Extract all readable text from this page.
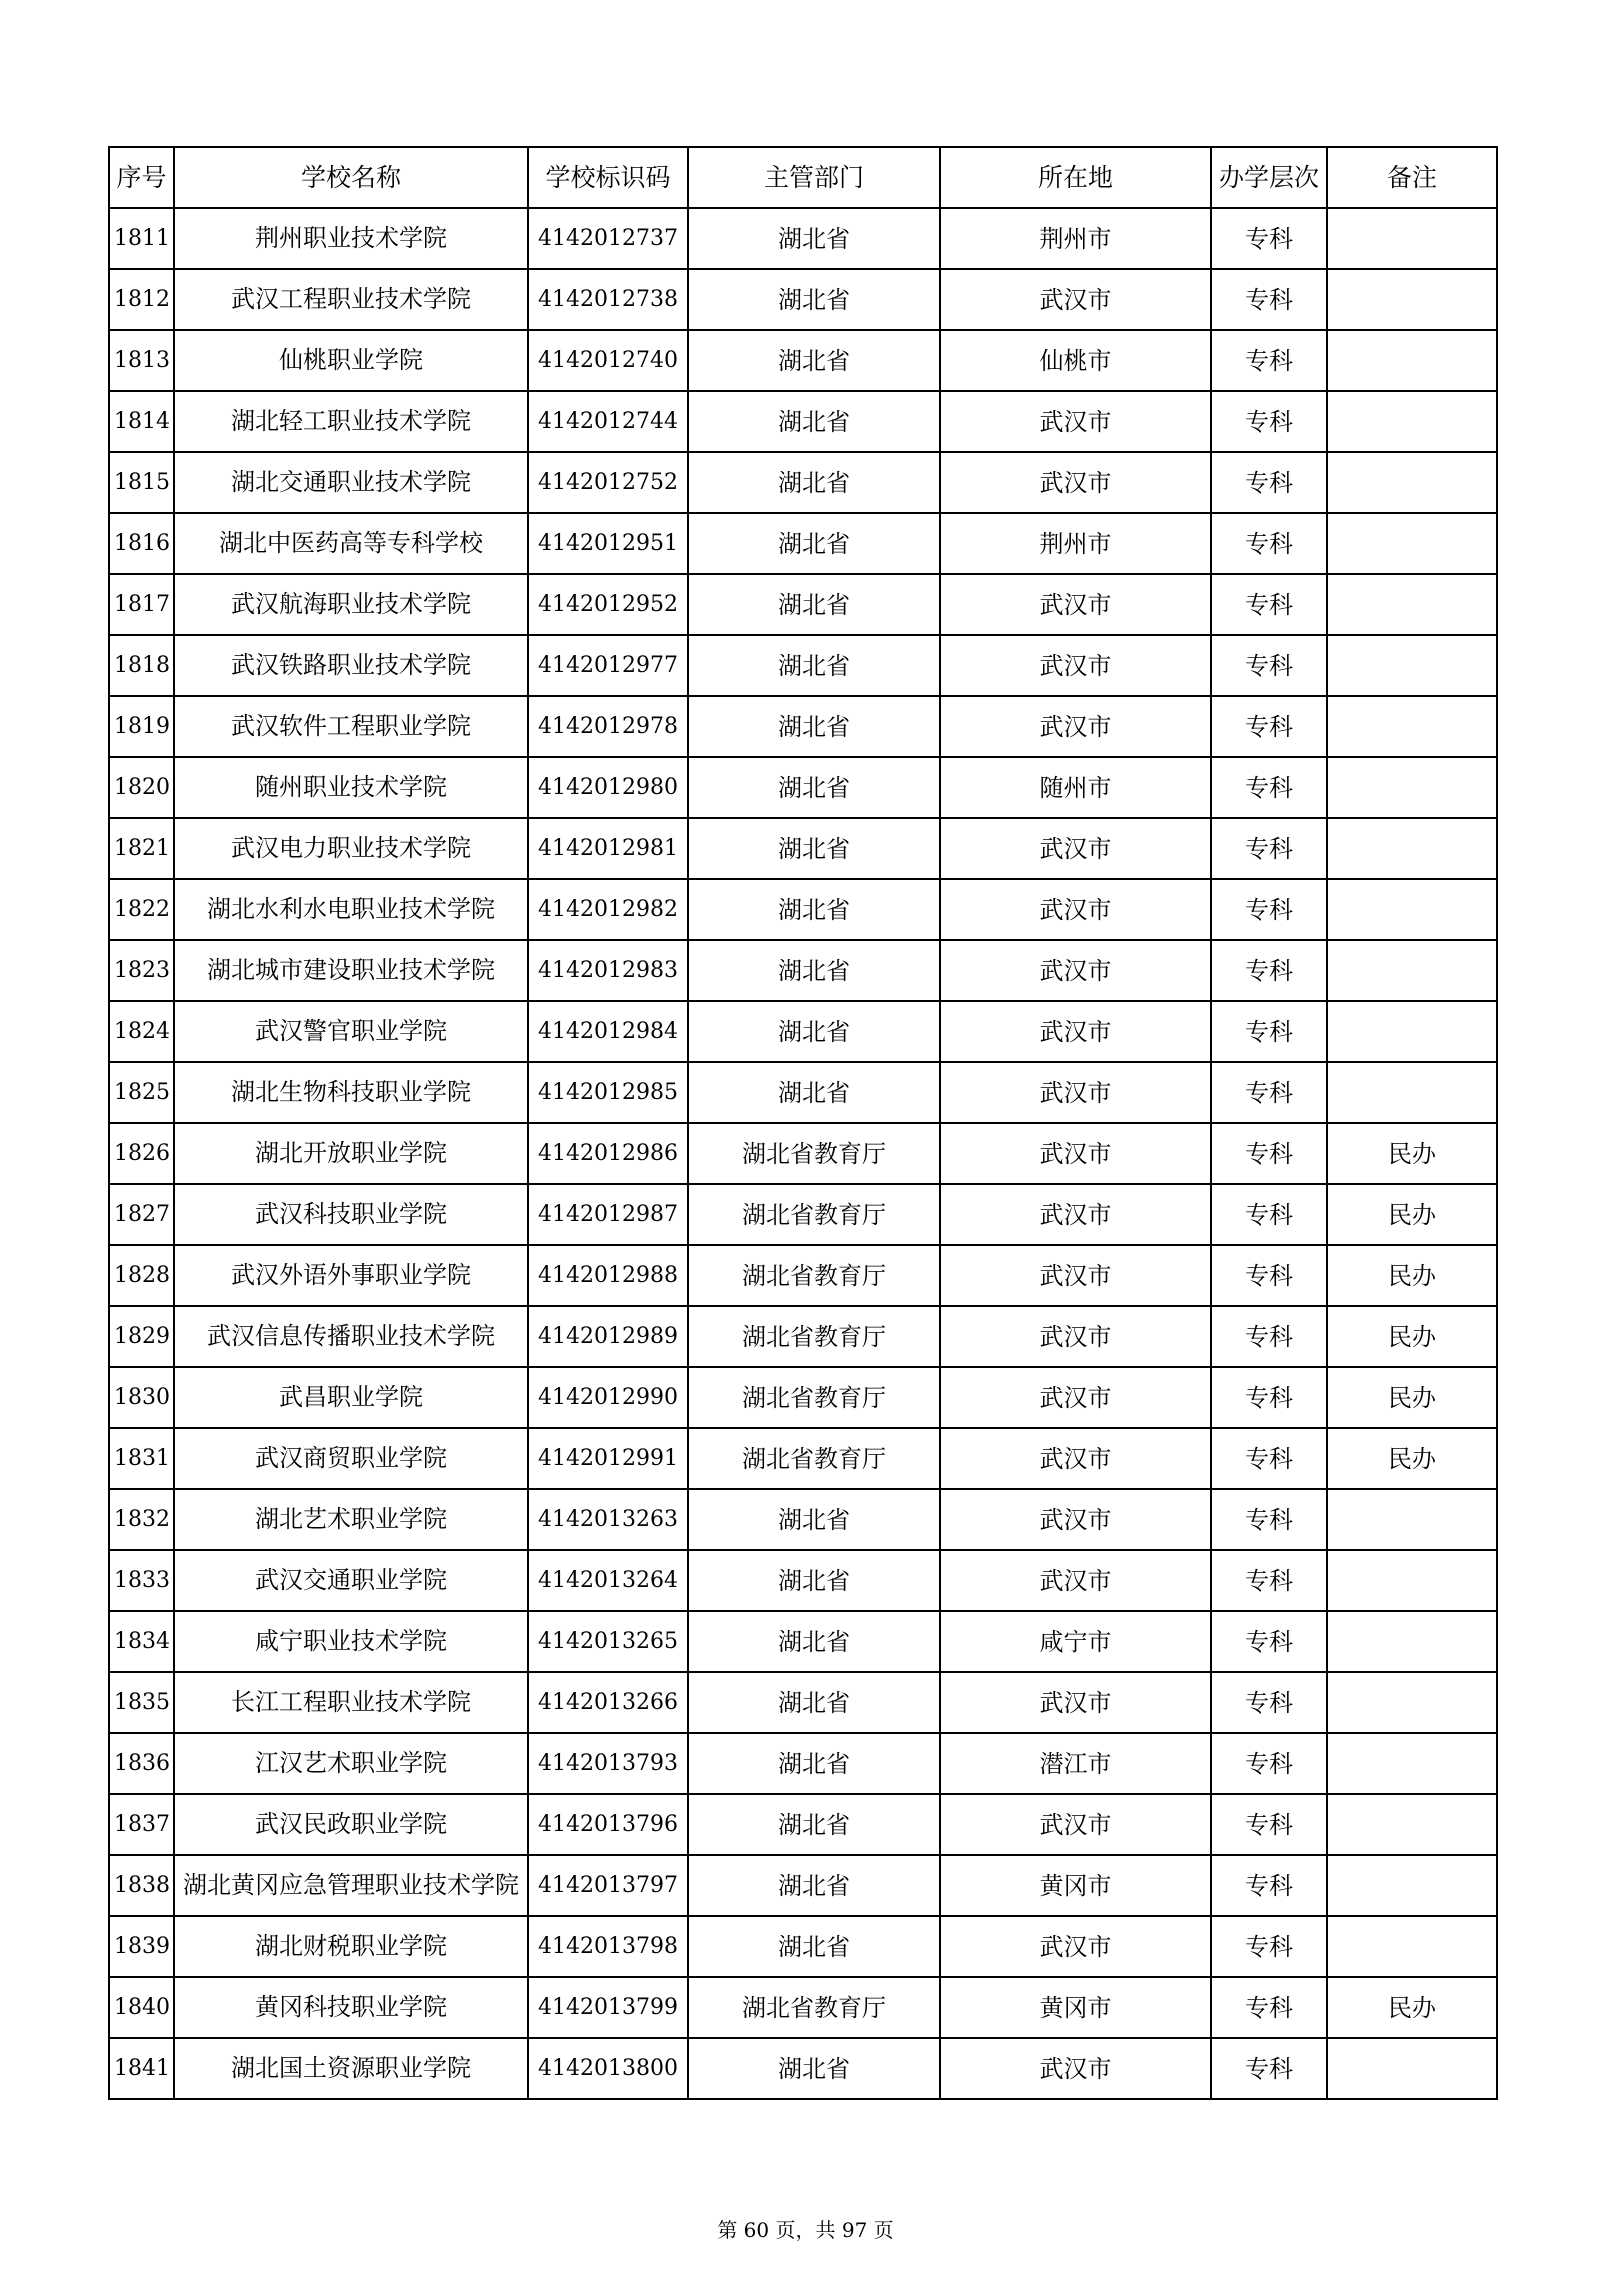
序号	学校名称	学校标识码	主管部门	所在地	办学层次	备注
1811	荆州职业技术学院	4142012737	湖北省	荆州市	专科	
1812	武汉工程职业技术学院	4142012738	湖北省	武汉市	专科	
1813	仙桃职业学院	4142012740	湖北省	仙桃市	专科	
1814	湖北轻工职业技术学院	4142012744	湖北省	武汉市	专科	
1815	湖北交通职业技术学院	4142012752	湖北省	武汉市	专科	
1816	湖北中医药高等专科学校	4142012951	湖北省	荆州市	专科	
1817	武汉航海职业技术学院	4142012952	湖北省	武汉市	专科	
1818	武汉铁路职业技术学院	4142012977	湖北省	武汉市	专科	
1819	武汉软件工程职业学院	4142012978	湖北省	武汉市	专科	
1820	随州职业技术学院	4142012980	湖北省	随州市	专科	
1821	武汉电力职业技术学院	4142012981	湖北省	武汉市	专科	
1822	湖北水利水电职业技术学院	4142012982	湖北省	武汉市	专科	
1823	湖北城市建设职业技术学院	4142012983	湖北省	武汉市	专科	
1824	武汉警官职业学院	4142012984	湖北省	武汉市	专科	
1825	湖北生物科技职业学院	4142012985	湖北省	武汉市	专科	
1826	湖北开放职业学院	4142012986	湖北省教育厅	武汉市	专科	民办
1827	武汉科技职业学院	4142012987	湖北省教育厅	武汉市	专科	民办
1828	武汉外语外事职业学院	4142012988	湖北省教育厅	武汉市	专科	民办
1829	武汉信息传播职业技术学院	4142012989	湖北省教育厅	武汉市	专科	民办
1830	武昌职业学院	4142012990	湖北省教育厅	武汉市	专科	民办
1831	武汉商贸职业学院	4142012991	湖北省教育厅	武汉市	专科	民办
1832	湖北艺术职业学院	4142013263	湖北省	武汉市	专科	
1833	武汉交通职业学院	4142013264	湖北省	武汉市	专科	
1834	咸宁职业技术学院	4142013265	湖北省	咸宁市	专科	
1835	长江工程职业技术学院	4142013266	湖北省	武汉市	专科	
1836	江汉艺术职业学院	4142013793	湖北省	潜江市	专科	
1837	武汉民政职业学院	4142013796	湖北省	武汉市	专科	
1838	湖北黄冈应急管理职业技术学院	4142013797	湖北省	黄冈市	专科	
1839	湖北财税职业学院	4142013798	湖北省	武汉市	专科	
1840	黄冈科技职业学院	4142013799	湖北省教育厅	黄冈市	专科	民办
1841	湖北国土资源职业学院	4142013800	湖北省	武汉市	专科	
第 60 页，共 97 页
